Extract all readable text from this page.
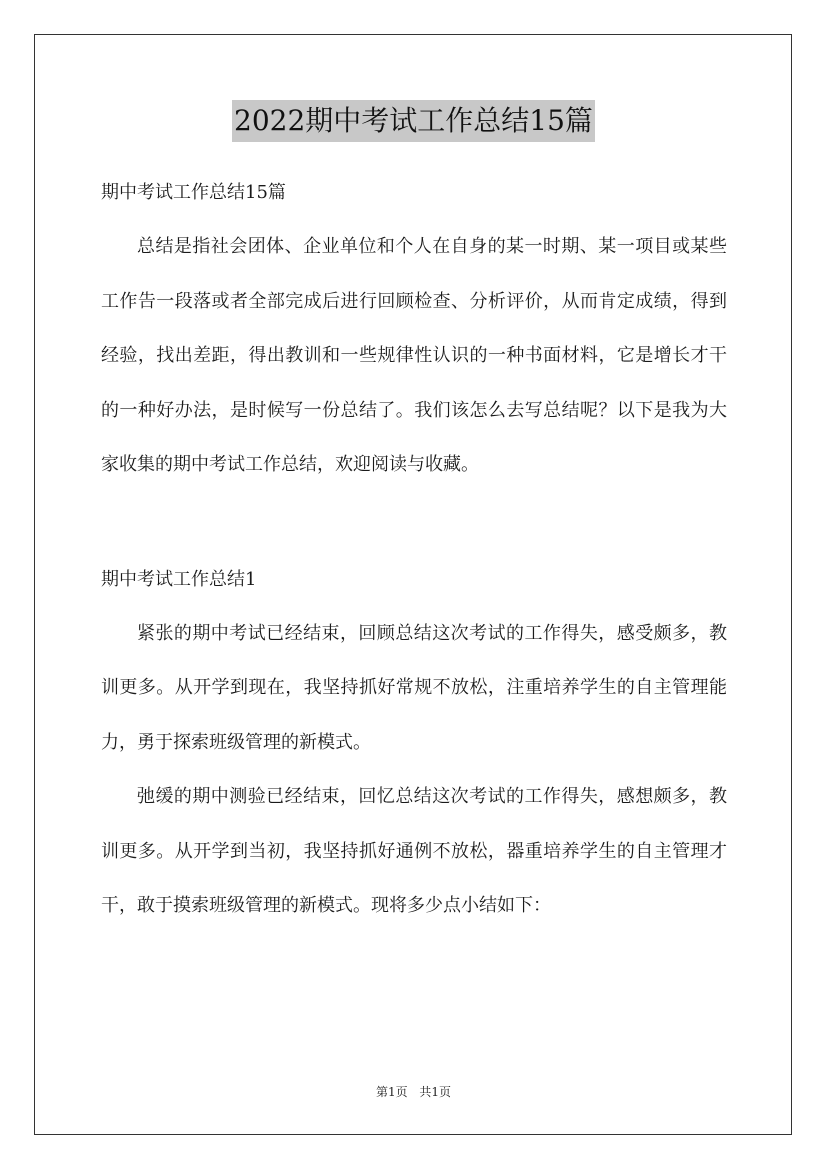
2022期中考试工作总结15篇

期中考试工作总结15篇

总结是指社会团体、企业单位和个人在自身的某一时期、某一项目或某些工作告一段落或者全部完成后进行回顾检查、分析评价，从而肯定成绩，得到经验，找出差距，得出教训和一些规律性认识的一种书面材料，它是增长才干的一种好办法，是时候写一份总结了。我们该怎么去写总结呢？以下是我为大家收集的期中考试工作总结，欢迎阅读与收藏。

期中考试工作总结1

紧张的期中考试已经结束，回顾总结这次考试的工作得失，感受颇多，教训更多。从开学到现在，我坚持抓好常规不放松，注重培养学生的自主管理能力，勇于探索班级管理的新模式。

弛缓的期中测验已经结束，回忆总结这次考试的工作得失，感想颇多，教训更多。从开学到当初，我坚持抓好通例不放松，器重培养学生的自主管理才干，敢于摸索班级管理的新模式。现将多少点小结如下：

第1页 共1页
